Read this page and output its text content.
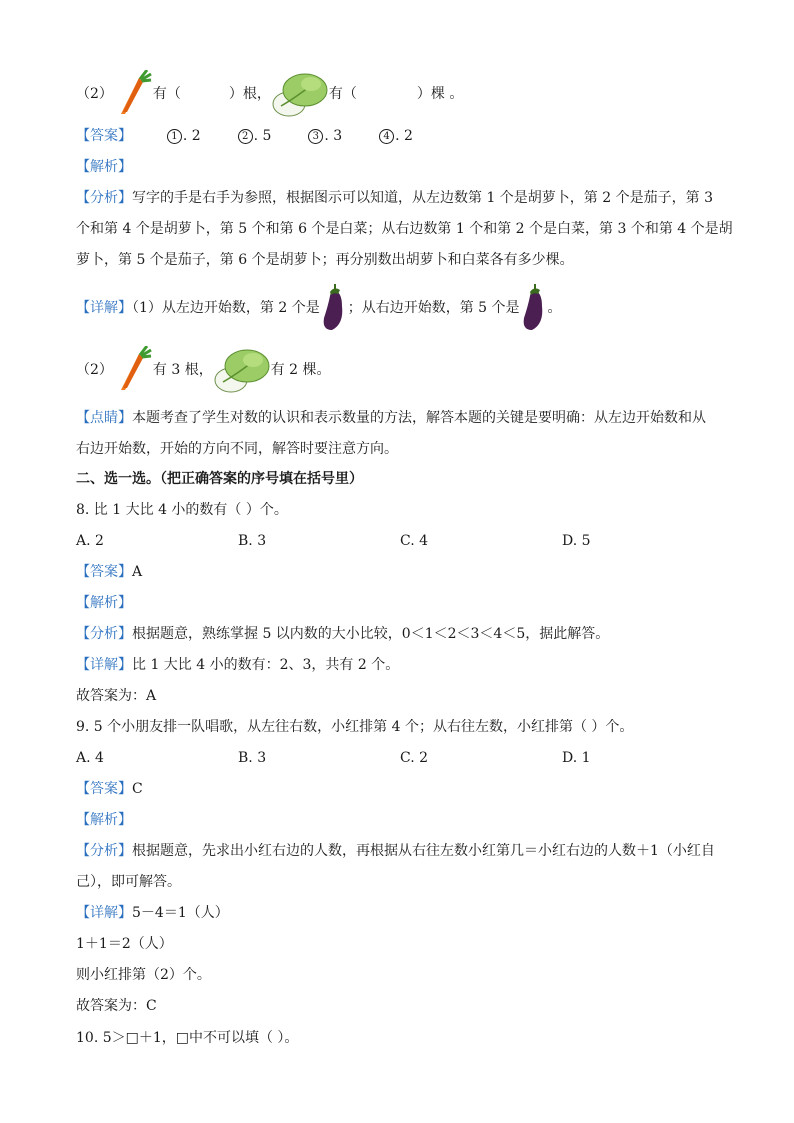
（2）	有（	）根，	有（	）棵 。
【答案】	1 . 2	2 . 5	3 . 3	4 . 2
【解析】
【分析】写字的手是右手为参照，根据图示可以知道，从左边数第 1 个是胡萝卜，第 2 个是茄子，第 3
个和第 4 个是胡萝卜，第 5 个和第 6 个是白菜；从右边数第 1 个和第 2 个是白菜，第 3 个和第 4 个是胡
萝卜，第 5 个是茄子，第 6 个是胡萝卜；再分别数出胡萝卜和白菜各有多少棵。
【详解】（1）从左边开始数，第 2 个是 ；从右边开始数，第 5 个是 。
（2）	有 3 根，	有 2 棵。
【点睛】本题考查了学生对数的认识和表示数量的方法，解答本题的关键是要明确：从左边开始数和从
右边开始数，开始的方向不同，解答时要注意方向。
二、选一选。（把正确答案的序号填在括号里）
8. 比 1 大比 4 小的数有（ ）个。
A. 2	B. 3	C. 4	D. 5
【答案】A
【解析】
【分析】根据题意，熟练掌握 5 以内数的大小比较，0＜1＜2＜3＜4＜5，据此解答。
【详解】比 1 大比 4 小的数有：2、3，共有 2 个。
故答案为：A
9. 5 个小朋友排一队唱歌，从左往右数，小红排第 4 个；从右往左数，小红排第（ ）个。
A. 4	B. 3	C. 2	D. 1
【答案】C
【解析】
【分析】根据题意，先求出小红右边的人数，再根据从右往左数小红第几＝小红右边的人数＋1（小红自
己），即可解答。
【详解】5－4＝1（人）
1＋1＝2（人）
则小红排第（2）个。
故答案为：C
10. 5＞□＋1，□中不可以填（ ）。
